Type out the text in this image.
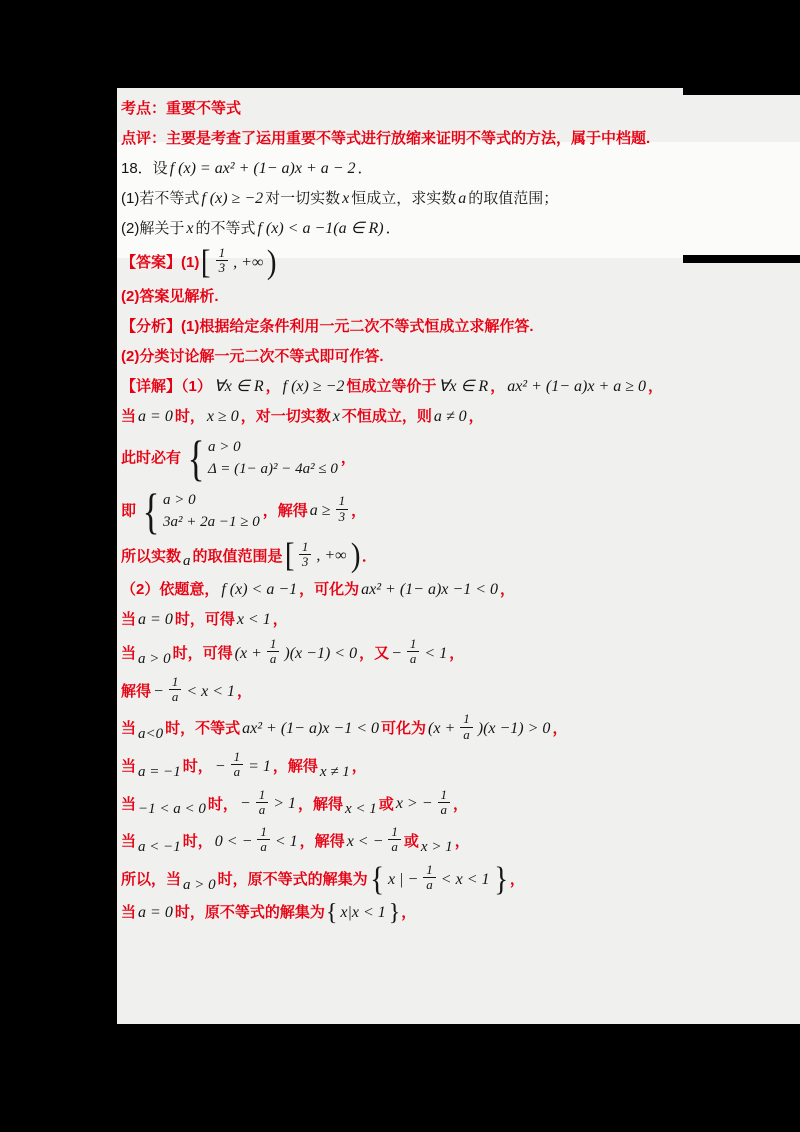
考点：重要不等式
点评：主要是考查了运用重要不等式进行放缩来证明不等式的方法，属于中档题.
18．设 f (x) = ax² + (1− a)x + a − 2 ．
(1)若不等式 f (x) ≥ −2 对一切实数 x 恒成立，求实数 a 的取值范围；
(2)解关于 x 的不等式 f (x) < a −1(a ∈ R) ．
【答案】$(1)[ \frac{1}{3}$ , +∞ )
(2)答案见解析.
【分析】(1)根据给定条件利用一元二次不等式恒成立求解作答.
(2)分类讨论解一元二次不等式即可作答.
【详解】（1） ∀x ∈ R ， f (x) ≥ −2 恒成立等价于 ∀x ∈ R ， ax² + (1− a)x + a ≥ 0 ，
当 a = 0 时， x ≥ 0 ，对一切实数 x 不恒成立，则 a ≠ 0 ，
此时必有 { a > 0
Δ = (1− a)² − 4a² ≤ 0
，
即 { a > 0
3a² + 2a −1 ≥ 0
，解得 $a \ge \frac{1}{3}$ ，
所以实数 a 的取值范围是[ $\frac{1}{3}$ , +∞ ) ．
（2）依题意， f (x) < a −1 ，可化为 ax² + (1− a)x −1 < 0 ，
当 a = 0 时，可得 x < 1 ，
当 a > 0 时，可得 $(x + \frac{1}{a} )(x -1) < 0$ ，又 − $\frac{1}{a} < 1$ ，
解得 − $\frac{1}{a} < x < 1$ ，
当 a<0 时，不等式 ax² + (1− a)x −1 < 0 可化为 $(x + \frac{1}{a} )(x -1) > 0$ ，
当 a = −1 时， − $\frac{1}{a} = 1$ ，解得 x ≠ 1 ，
当 −1 < a < 0 时， − $\frac{1}{a} > 1$ ，解得 x < 1 或 x > − $\frac{1}{a}$ ，
当 a < −1 时， 0 < − $\frac{1}{a} < 1$ ，解得 x < − $\frac{1}{a}$ 或 x > 1 ，
所以，当 a > 0 时，原不等式的解集为{ x | − $\frac{1}{a} < x < 1$ } ，
当 a = 0 时，原不等式的解集为{ x|x < 1 }，
